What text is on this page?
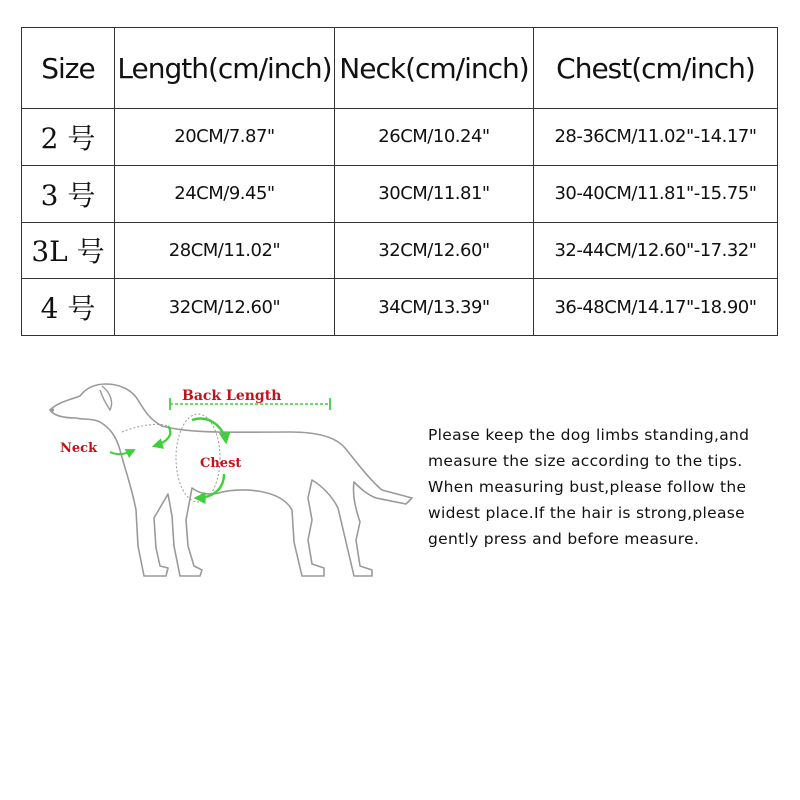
Size	Length(cm/inch)	Neck(cm/inch)	Chest(cm/inch)
2 号	20CM/7.87"	26CM/10.24"	28-36CM/11.02"-14.17"
3 号	24CM/9.45"	30CM/11.81"	30-40CM/11.81"-15.75"
3L 号	28CM/11.02"	32CM/12.60"	32-44CM/12.60"-17.32"
4 号	32CM/12.60"	34CM/13.39"	36-48CM/14.17"-18.90"
Back Length
Neck
Chest
Please keep the dog limbs standing,and
measure the size according to the tips.
When measuring bust,please follow the
widest place.If the hair is strong,please
gently press and before measure.
